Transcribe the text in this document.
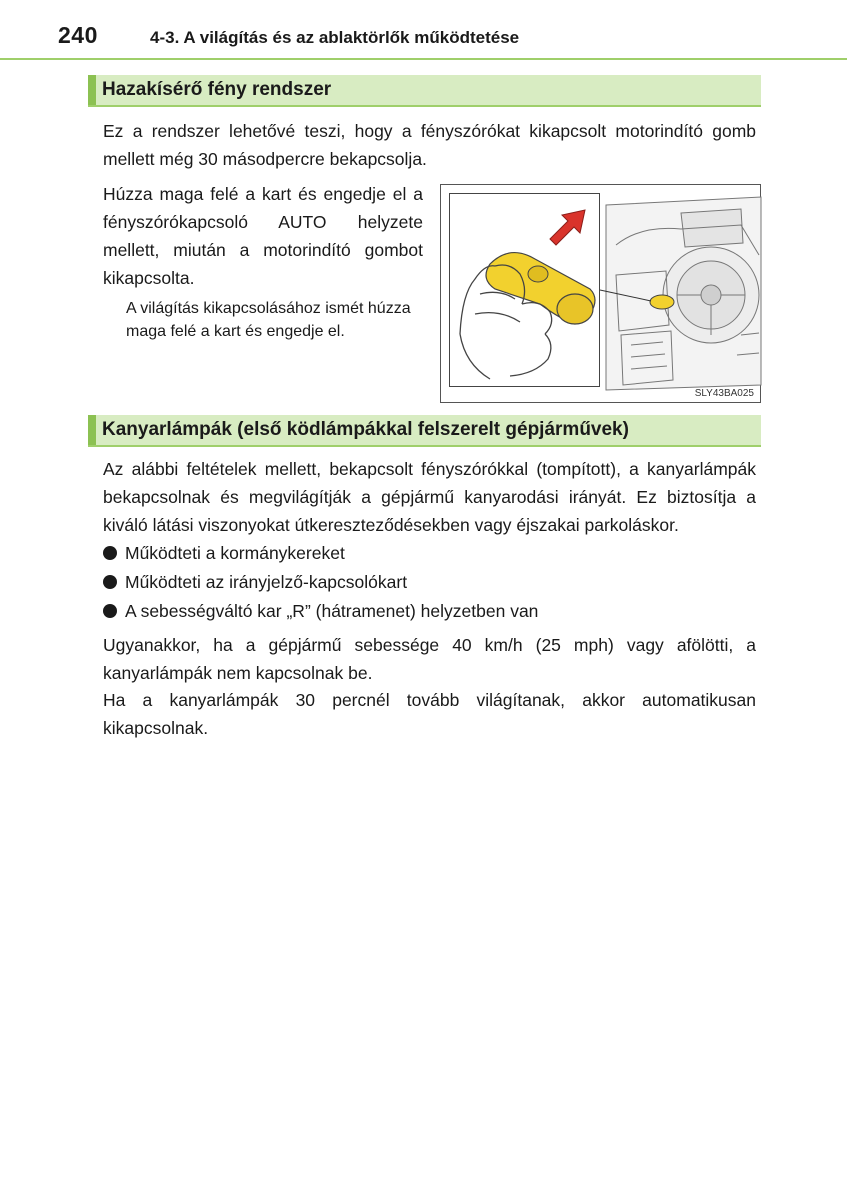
240	4-3. A világítás és az ablaktörlők működtetése
Hazakísérő fény rendszer
Ez a rendszer lehetővé teszi, hogy a fényszórókat kikapcsolt motorindító gomb mellett még 30 másodpercre bekapcsolja.
Húzza maga felé a kart és engedje el a fényszórókapcsoló AUTO helyzete mellett, miután a motorindító gombot kikapcsolta.
A világítás kikapcsolásához ismét húzza maga felé a kart és engedje el.
SLY43BA025
Kanyarlámpák (első ködlámpákkal felszerelt gépjárművek)
Az alábbi feltételek mellett, bekapcsolt fényszórókkal (tompított), a kanyarlámpák bekapcsolnak és megvilágítják a gépjármű kanyarodási irányát. Ez biztosítja a kiváló látási viszonyokat útkereszteződésekben vagy éjszakai parkoláskor.
Működteti a kormánykereket
Működteti az irányjelző-kapcsolókart
A sebességváltó kar „R” (hátramenet) helyzetben van
Ugyanakkor, ha a gépjármű sebessége 40 km/h (25 mph) vagy afölötti, a kanyarlámpák nem kapcsolnak be.
Ha a kanyarlámpák 30 percnél tovább világítanak, akkor automatikusan kikapcsolnak.
